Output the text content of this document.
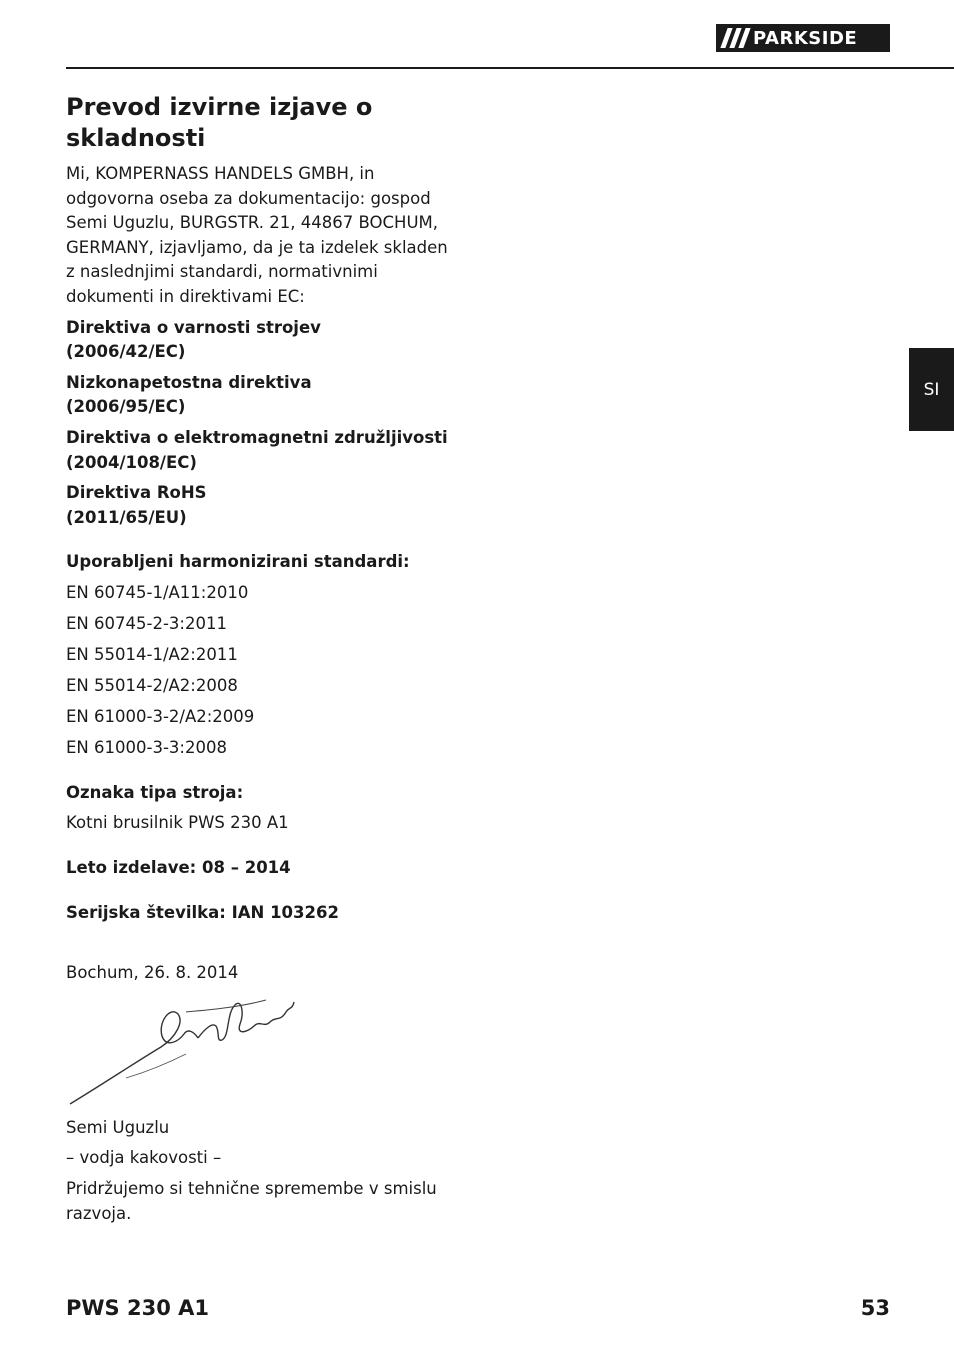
PARKSIDE
SI
Prevod izvirne izjave o skladnosti

Mi, KOMPERNASS HANDELS GMBH, in odgovorna oseba za dokumentacijo: gospod Semi Uguzlu, BURGSTR. 21, 44867 BOCHUM, GERMANY, izjavljamo, da je ta izdelek skladen z naslednjimi standardi, normativnimi dokumenti in direktivami EC:

Direktiva o varnosti strojev

(2006/42/EC)

Nizkonapetostna direktiva

(2006/95/EC)

Direktiva o elektromagnetni združljivosti

(2004/108/EC)

Direktiva RoHS

(2011/65/EU)

Uporabljeni harmonizirani standardi:

EN 60745-1/A11:2010

EN 60745-2-3:2011

EN 55014-1/A2:2011

EN 55014-2/A2:2008

EN 61000-3-2/A2:2009

EN 61000-3-3:2008

Oznaka tipa stroja:

Kotni brusilnik PWS 230 A1

Leto izdelave: 08 – 2014

Serijska številka: IAN 103262

Bochum, 26. 8. 2014

Semi Uguzlu

– vodja kakovosti –

Pridržujemo si tehnične spremembe v smislu razvoja.

PWS 230 A1	53
